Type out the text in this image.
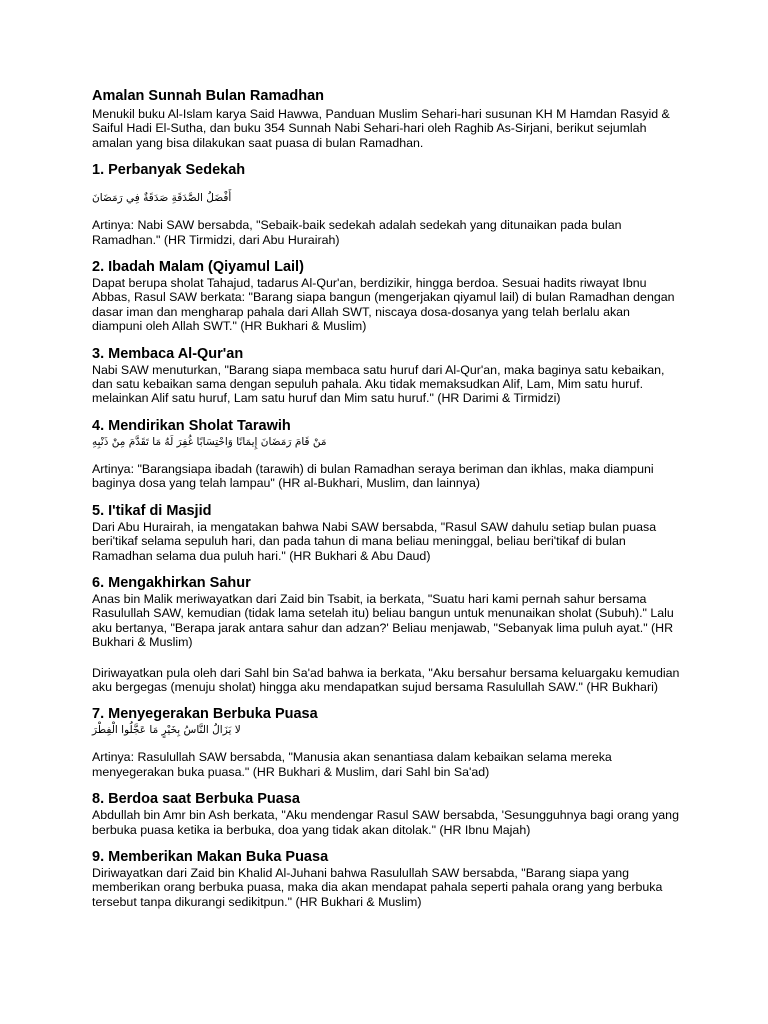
Amalan Sunnah Bulan Ramadhan

Menukil buku Al-Islam karya Said Hawwa, Panduan Muslim Sehari-hari susunan KH M Hamdan Rasyid & Saiful Hadi El-Sutha, dan buku 354 Sunnah Nabi Sehari-hari oleh Raghib As-Sirjani, berikut sejumlah amalan yang bisa dilakukan saat puasa di bulan Ramadhan.

1. Perbanyak Sedekah

أَفْضَلُ الصَّدَقَةِ صَدَقَةٌ فِي رَمَضَانَ

Artinya: Nabi SAW bersabda, "Sebaik-baik sedekah adalah sedekah yang ditunaikan pada bulan Ramadhan." (HR Tirmidzi, dari Abu Hurairah)

2. Ibadah Malam (Qiyamul Lail)

Dapat berupa sholat Tahajud, tadarus Al-Qur'an, berdizikir, hingga berdoa. Sesuai hadits riwayat Ibnu Abbas, Rasul SAW berkata: "Barang siapa bangun (mengerjakan qiyamul lail) di bulan Ramadhan dengan dasar iman dan mengharap pahala dari Allah SWT, niscaya dosa-dosanya yang telah berlalu akan diampuni oleh Allah SWT." (HR Bukhari & Muslim)

3. Membaca Al-Qur'an

Nabi SAW menuturkan, "Barang siapa membaca satu huruf dari Al-Qur'an, maka baginya satu kebaikan, dan satu kebaikan sama dengan sepuluh pahala. Aku tidak memaksudkan Alif, Lam, Mim satu huruf. melainkan Alif satu huruf, Lam satu huruf dan Mim satu huruf." (HR Darimi & Tirmidzi)

4. Mendirikan Sholat Tarawih

مَنْ قَامَ رَمَضَانَ إِيمَانًا وَاحْتِسَابًا غُفِرَ لَهُ مَا تَقَدَّمَ مِنْ ذَنْبِهِ

Artinya: "Barangsiapa ibadah (tarawih) di bulan Ramadhan seraya beriman dan ikhlas, maka diampuni baginya dosa yang telah lampau" (HR al-Bukhari, Muslim, dan lainnya)

5. I'tikaf di Masjid

Dari Abu Hurairah, ia mengatakan bahwa Nabi SAW bersabda, "Rasul SAW dahulu setiap bulan puasa beri'tikaf selama sepuluh hari, dan pada tahun di mana beliau meninggal, beliau beri'tikaf di bulan Ramadhan selama dua puluh hari." (HR Bukhari & Abu Daud)

6. Mengakhirkan Sahur

Anas bin Malik meriwayatkan dari Zaid bin Tsabit, ia berkata, "Suatu hari kami pernah sahur bersama Rasulullah SAW, kemudian (tidak lama setelah itu) beliau bangun untuk menunaikan sholat (Subuh)." Lalu aku bertanya, "Berapa jarak antara sahur dan adzan?' Beliau menjawab, "Sebanyak lima puluh ayat." (HR Bukhari & Muslim)

Diriwayatkan pula oleh dari Sahl bin Sa'ad bahwa ia berkata, "Aku bersahur bersama keluargaku kemudian aku bergegas (menuju sholat) hingga aku mendapatkan sujud bersama Rasulullah SAW." (HR Bukhari)

7. Menyegerakan Berbuka Puasa

لا يَزَالُ النَّاسُ بِخَيْرٍ مَا عَجَّلُوا الْفِطْرَ

Artinya: Rasulullah SAW bersabda, "Manusia akan senantiasa dalam kebaikan selama mereka menyegerakan buka puasa." (HR Bukhari & Muslim, dari Sahl bin Sa'ad)

8. Berdoa saat Berbuka Puasa

Abdullah bin Amr bin Ash berkata, "Aku mendengar Rasul SAW bersabda, 'Sesungguhnya bagi orang yang berbuka puasa ketika ia berbuka, doa yang tidak akan ditolak." (HR Ibnu Majah)

9. Memberikan Makan Buka Puasa

Diriwayatkan dari Zaid bin Khalid Al-Juhani bahwa Rasulullah SAW bersabda, "Barang siapa yang memberikan orang berbuka puasa, maka dia akan mendapat pahala seperti pahala orang yang berbuka tersebut tanpa dikurangi sedikitpun." (HR Bukhari & Muslim)
